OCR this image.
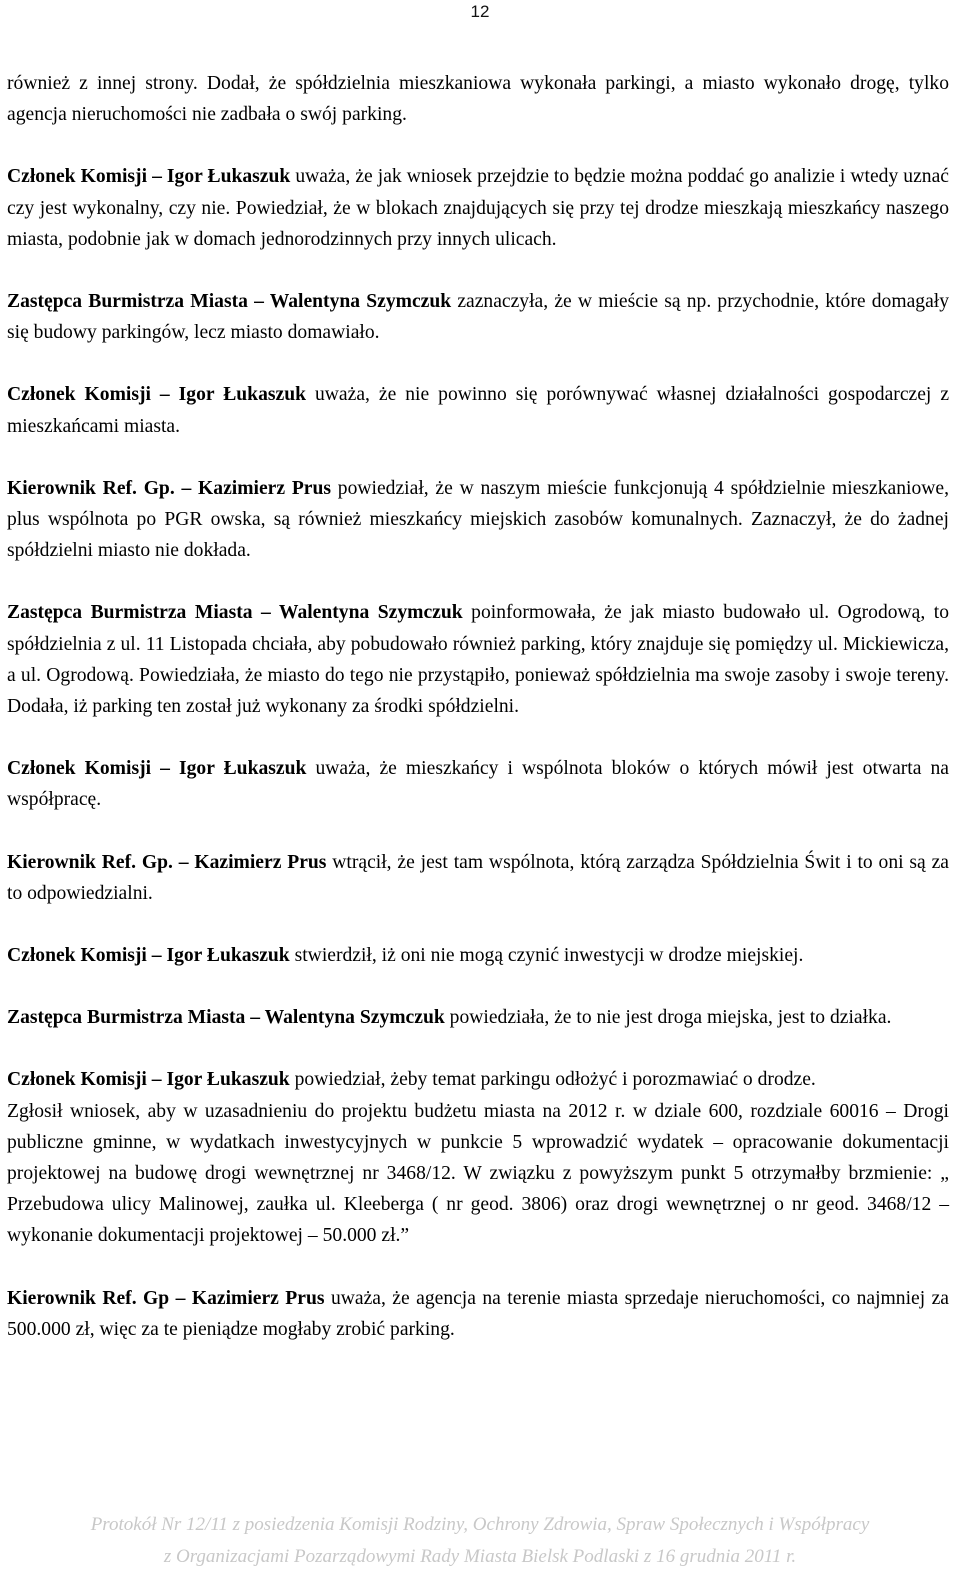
12

również z innej strony. Dodał, że spółdzielnia mieszkaniowa wykonała parkingi, a miasto wykonało drogę, tylko agencja nieruchomości nie zadbała o swój parking.

Członek Komisji – Igor Łukaszuk uważa, że jak wniosek przejdzie to będzie można poddać go analizie i wtedy uznać czy jest wykonalny, czy nie. Powiedział, że w blokach znajdujących się przy tej drodze mieszkają mieszkańcy naszego miasta, podobnie jak w domach jednorodzinnych przy innych ulicach.

Zastępca Burmistrza Miasta – Walentyna Szymczuk zaznaczyła, że w mieście są np. przychodnie, które domagały się budowy parkingów, lecz miasto domawiało.

Członek Komisji – Igor Łukaszuk uważa, że nie powinno się porównywać własnej działalności gospodarczej z mieszkańcami miasta.

Kierownik Ref. Gp. – Kazimierz Prus powiedział, że w naszym mieście funkcjonują 4 spółdzielnie mieszkaniowe, plus wspólnota po PGR owska, są również mieszkańcy miejskich zasobów komunalnych. Zaznaczył, że do żadnej spółdzielni miasto nie dokłada.

Zastępca Burmistrza Miasta – Walentyna Szymczuk poinformowała, że jak miasto budowało ul. Ogrodową, to spółdzielnia z ul. 11 Listopada chciała, aby pobudowało również parking, który znajduje się pomiędzy ul. Mickiewicza, a ul. Ogrodową. Powiedziała, że miasto do tego nie przystąpiło, ponieważ spółdzielnia ma swoje zasoby i swoje tereny. Dodała, iż parking ten został już wykonany za środki spółdzielni.

Członek Komisji – Igor Łukaszuk uważa, że mieszkańcy i wspólnota bloków o których mówił jest otwarta na współpracę.

Kierownik Ref. Gp. – Kazimierz Prus wtrącił, że jest tam wspólnota, którą zarządza Spółdzielnia Świt i to oni są za to odpowiedzialni.

Członek Komisji – Igor Łukaszuk stwierdził, iż oni nie mogą czynić inwestycji w drodze miejskiej.

Zastępca Burmistrza Miasta – Walentyna Szymczuk powiedziała, że to nie jest droga miejska, jest to działka.

Członek Komisji – Igor Łukaszuk powiedział, żeby temat parkingu odłożyć i porozmawiać o drodze.

Zgłosił wniosek, aby w uzasadnieniu do projektu budżetu miasta na 2012 r. w dziale 600, rozdziale 60016 – Drogi publiczne gminne, w wydatkach inwestycyjnych w punkcie 5 wprowadzić wydatek – opracowanie dokumentacji projektowej na budowę drogi wewnętrznej nr 3468/12. W związku z powyższym punkt 5 otrzymałby brzmienie: „ Przebudowa ulicy Malinowej, zaułka ul. Kleeberga ( nr geod. 3806) oraz drogi wewnętrznej o nr geod. 3468/12 – wykonanie dokumentacji projektowej – 50.000 zł.”

Kierownik Ref. Gp – Kazimierz Prus uważa, że agencja na terenie miasta sprzedaje nieruchomości, co najmniej za 500.000 zł, więc za te pieniądze mogłaby zrobić parking.

Protokół Nr 12/11 z posiedzenia Komisji Rodziny, Ochrony Zdrowia, Spraw Społecznych i Współpracy
z Organizacjami Pozarządowymi Rady Miasta Bielsk Podlaski z 16 grudnia 2011 r.
